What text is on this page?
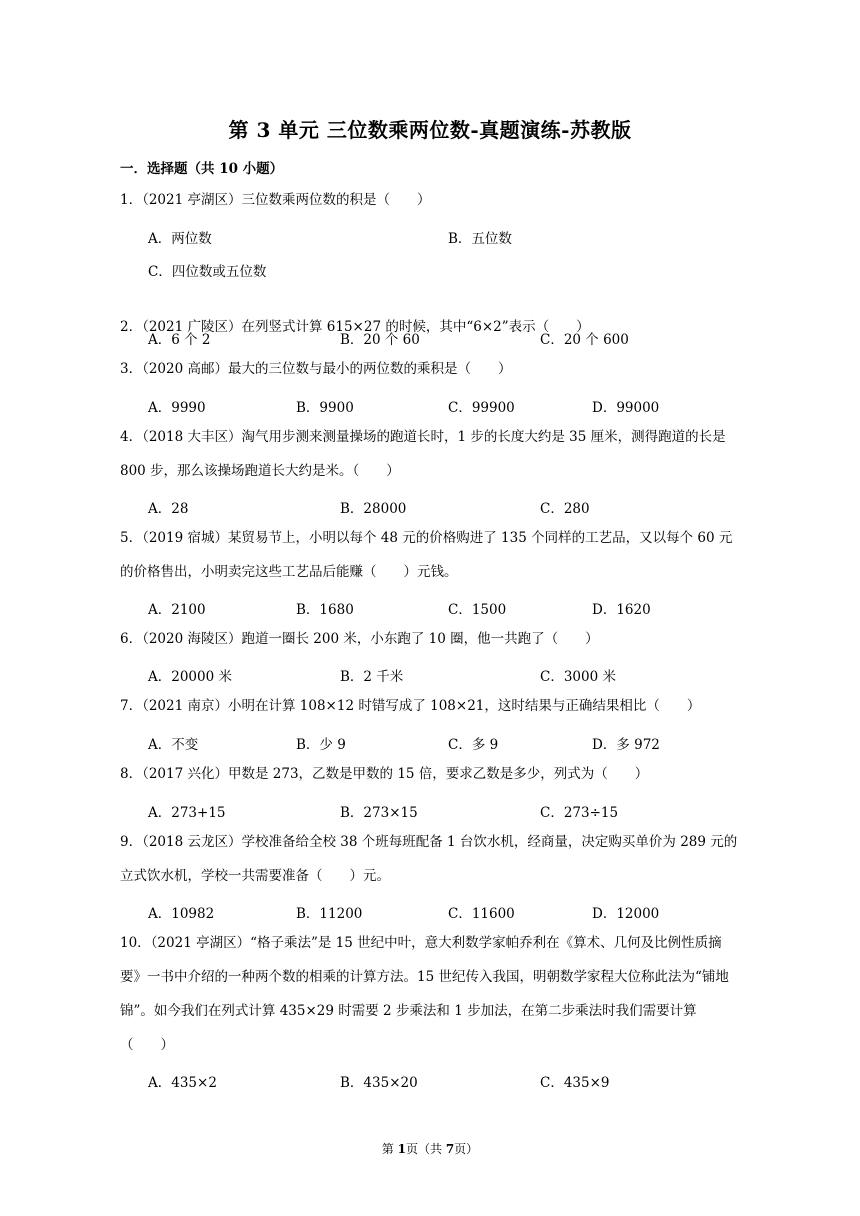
第 3 单元 三位数乘两位数-真题演练-苏教版
一．选择题（共 10 小题）
1．（2021 亭湖区）三位数乘两位数的积是（　　）
A．两位数	B．五位数
C．四位数或五位数
2．（2021 广陵区）在列竖式计算 615×27 的时候，其中“6×2”表示（　　）
A．6 个 2	B．20 个 60	C．20 个 600
3．（2020 高邮）最大的三位数与最小的两位数的乘积是（　　）
A．9990	B．9900	C．99900	D．99000
4．（2018 大丰区）淘气用步测来测量操场的跑道长时，1 步的长度大约是 35 厘米，测得跑道的长是 800 步，那么该操场跑道长大约是米。（　　）
A．28	B．28000	C．280
5．（2019 宿城）某贸易节上，小明以每个 48 元的价格购进了 135 个同样的工艺品，又以每个 60 元的价格售出，小明卖完这些工艺品后能赚（　　）元钱。
A．2100	B．1680	C．1500	D．1620
6．（2020 海陵区）跑道一圈长 200 米，小东跑了 10 圈，他一共跑了（　　）
A．20000 米	B．2 千米	C．3000 米
7．（2021 南京）小明在计算 108×12 时错写成了 108×21，这时结果与正确结果相比（　　）
A．不变	B．少 9	C．多 9	D．多 972
8．（2017 兴化）甲数是 273，乙数是甲数的 15 倍，要求乙数是多少，列式为（　　）
A．273+15	B．273×15	C．273÷15
9．（2018 云龙区）学校准备给全校 38 个班每班配备 1 台饮水机，经商量，决定购买单价为 289 元的立式饮水机，学校一共需要准备（　　）元。
A．10982	B．11200	C．11600	D．12000
10．（2021 亭湖区）“格子乘法”是 15 世纪中叶，意大利数学家帕乔利在《算术、几何及比例性质摘要》一书中介绍的一种两个数的相乘的计算方法。15 世纪传入我国，明朝数学家程大位称此法为“铺地锦”。如今我们在列式计算 435×29 时需要 2 步乘法和 1 步加法，在第二步乘法时我们需要计算（　　）
A．435×2	B．435×20	C．435×9
第 1页（共 7页）
